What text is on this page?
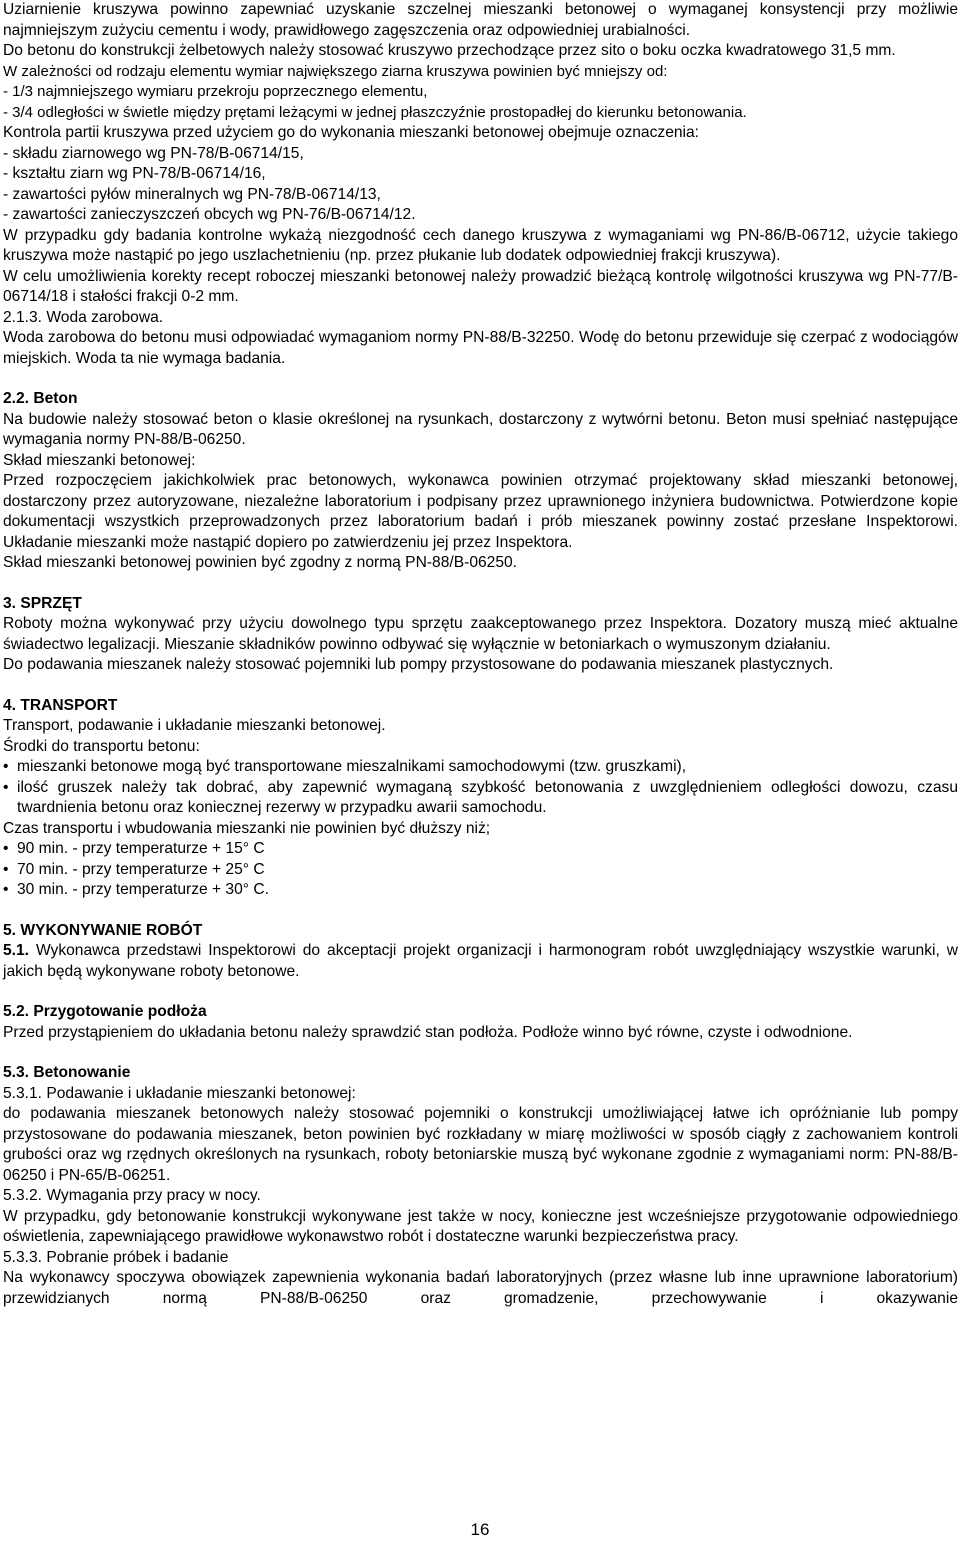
Uziarnienie kruszywa powinno zapewniać uzyskanie szczelnej mieszanki betonowej o wymaganej konsystencji przy możliwie najmniejszym zużyciu cementu i wody, prawidłowego zagęszczenia oraz odpowiedniej urabialności.

Do betonu do konstrukcji żelbetowych należy stosować kruszywo przechodzące przez sito o boku oczka kwadratowego 31,5 mm.

W zależności od rodzaju elementu wymiar największego ziarna kruszywa powinien być mniejszy od:

- 1/3 najmniejszego wymiaru przekroju poprzecznego elementu,

- 3/4 odległości w świetle między prętami leżącymi w jednej płaszczyźnie prostopadłej do kierunku betonowania.

Kontrola partii kruszywa przed użyciem go do wykonania mieszanki betonowej obejmuje oznaczenia:

- składu ziarnowego wg PN-78/B-06714/15,

- kształtu ziarn wg PN-78/B-06714/16,

- zawartości pyłów mineralnych wg PN-78/B-06714/13,

- zawartości zanieczyszczeń obcych wg PN-76/B-06714/12.

W przypadku gdy badania kontrolne wykażą niezgodność cech danego kruszywa z wymaganiami wg PN-86/B-06712, użycie takiego kruszywa może nastąpić po jego uszlachetnieniu (np. przez płukanie lub dodatek odpowiedniej frakcji kruszywa).

W celu umożliwienia korekty recept roboczej mieszanki betonowej należy prowadzić bieżącą kontrolę wilgotności kruszywa wg PN-77/B-06714/18 i stałości frakcji 0-2 mm.

2.1.3. Woda zarobowa.

Woda zarobowa do betonu musi odpowiadać wymaganiom normy PN-88/B-32250. Wodę do betonu przewiduje się czerpać z wodociągów miejskich. Woda ta nie wymaga badania.

2.2. Beton

Na budowie należy stosować beton o klasie określonej na rysunkach, dostarczony z wytwórni betonu. Beton musi spełniać następujące wymagania normy PN-88/B-06250.

Skład mieszanki betonowej:

Przed rozpoczęciem jakichkolwiek prac betonowych, wykonawca powinien otrzymać projektowany skład mieszanki betonowej, dostarczony przez autoryzowane, niezależne laboratorium i podpisany przez uprawnionego inżyniera budownictwa. Potwierdzone kopie dokumentacji wszystkich przeprowadzonych przez laboratorium badań i prób mieszanek powinny zostać przesłane Inspektorowi. Układanie mieszanki może nastąpić dopiero po zatwierdzeniu jej przez Inspektora.

Skład mieszanki betonowej powinien być zgodny z normą PN-88/B-06250.

3. SPRZĘT

Roboty można wykonywać przy użyciu dowolnego typu sprzętu zaakceptowanego przez Inspektora. Dozatory muszą mieć aktualne świadectwo legalizacji. Mieszanie składników powinno odbywać się wyłącznie w betoniarkach o wymuszonym działaniu.

Do podawania mieszanek należy stosować pojemniki lub pompy przystosowane do podawania mieszanek plastycznych.

4. TRANSPORT

Transport, podawanie i układanie mieszanki betonowej.

Środki do transportu betonu:

• mieszanki betonowe mogą być transportowane mieszalnikami samochodowymi (tzw. gruszkami),
• ilość gruszek należy tak dobrać, aby zapewnić wymaganą szybkość betonowania z uwzględnieniem odległości dowozu, czasu twardnienia betonu oraz koniecznej rezerwy w przypadku awarii samochodu.

Czas transportu i wbudowania mieszanki nie powinien być dłuższy niż;

• 90 min. - przy temperaturze + 15° C
• 70 min. - przy temperaturze + 25° C
• 30 min. - przy temperaturze + 30° C.

5. WYKONYWANIE ROBÓT

5.1. Wykonawca przedstawi Inspektorowi do akceptacji projekt organizacji i harmonogram robót uwzględniający wszystkie warunki, w jakich będą wykonywane roboty betonowe.

5.2. Przygotowanie podłoża

Przed przystąpieniem do układania betonu należy sprawdzić stan podłoża. Podłoże winno być równe, czyste i odwodnione.

5.3. Betonowanie

5.3.1. Podawanie i układanie mieszanki betonowej:

do podawania mieszanek betonowych należy stosować pojemniki o konstrukcji umożliwiającej łatwe ich opróżnianie lub pompy przystosowane do podawania mieszanek, beton powinien być rozkładany w miarę możliwości w sposób ciągły z zachowaniem kontroli grubości oraz wg rzędnych określonych na rysunkach, roboty betoniarskie muszą być wykonane zgodnie z wymaganiami norm: PN-88/B-06250 i PN-65/B-06251.

5.3.2. Wymagania przy pracy w nocy.

W przypadku, gdy betonowanie konstrukcji wykonywane jest także w nocy, konieczne jest wcześniejsze przygotowanie odpowiedniego oświetlenia, zapewniającego prawidłowe wykonawstwo robót i dostateczne warunki bezpieczeństwa pracy.

5.3.3. Pobranie próbek i badanie

Na wykonawcy spoczywa obowiązek zapewnienia wykonania badań laboratoryjnych (przez własne lub inne uprawnione laboratorium) przewidzianych normą PN-88/B-06250 oraz gromadzenie, przechowywanie i okazywanie

16
